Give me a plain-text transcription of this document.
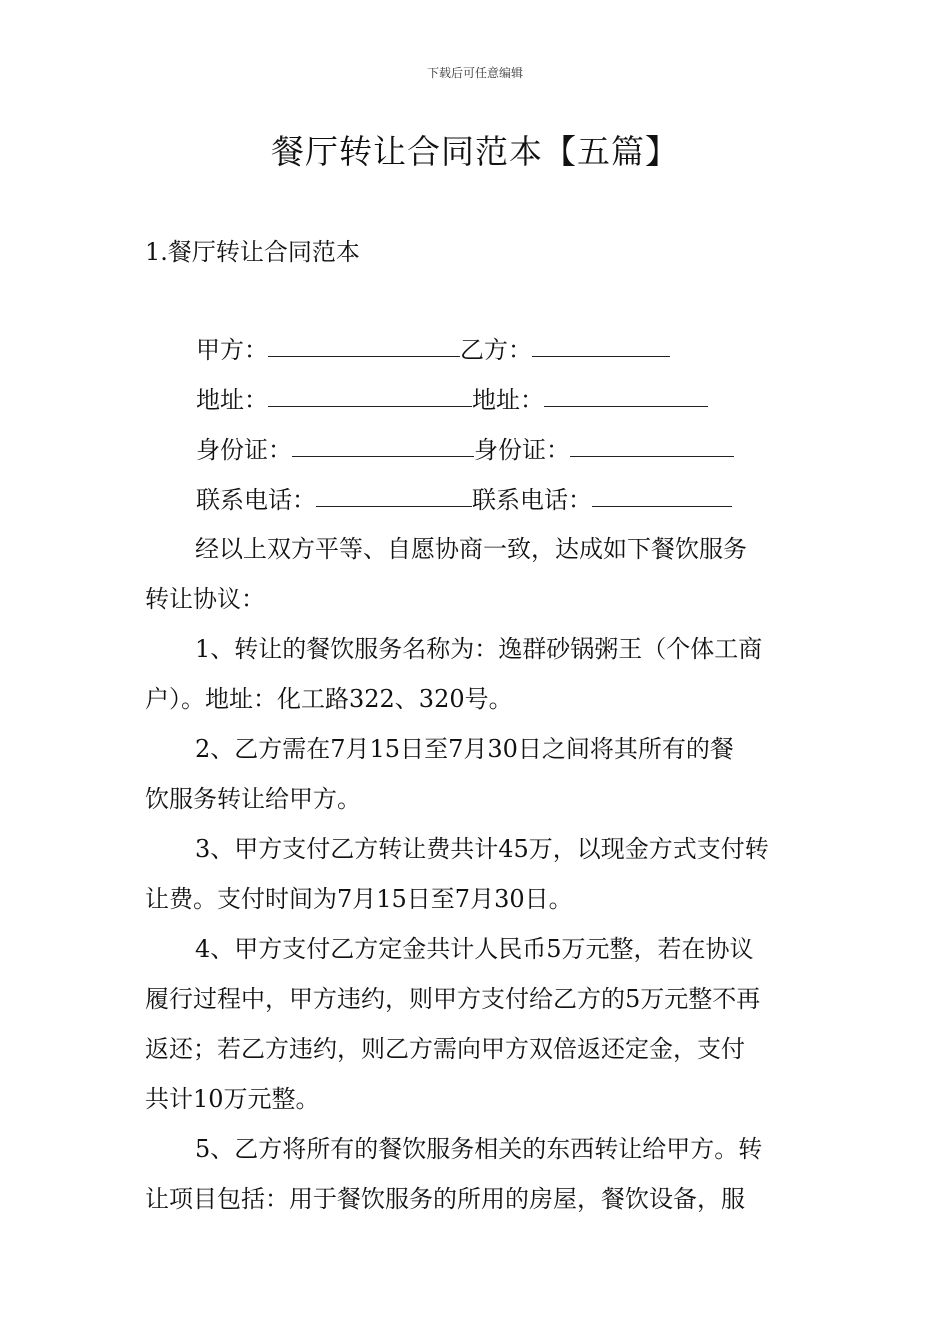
下载后可任意编辑
餐厅转让合同范本【五篇】
1.餐厅转让合同范本
甲方：	乙方：
地址：	地址：
身份证：	身份证：
联系电话：	联系电话：
经以上双方平等、自愿协商一致，达成如下餐饮服务
转让协议：
1、转让的餐饮服务名称为：逸群砂锅粥王（个体工商
户）。地址：化工路322、320号。
2、乙方需在7月15日至7月30日之间将其所有的餐
饮服务转让给甲方。
3、甲方支付乙方转让费共计45万，以现金方式支付转
让费。支付时间为7月15日至7月30日。
4、甲方支付乙方定金共计人民币5万元整，若在协议
履行过程中，甲方违约，则甲方支付给乙方的5万元整不再
返还；若乙方违约，则乙方需向甲方双倍返还定金，支付
共计10万元整。
5、乙方将所有的餐饮服务相关的东西转让给甲方。转
让项目包括：用于餐饮服务的所用的房屋，餐饮设备，服
